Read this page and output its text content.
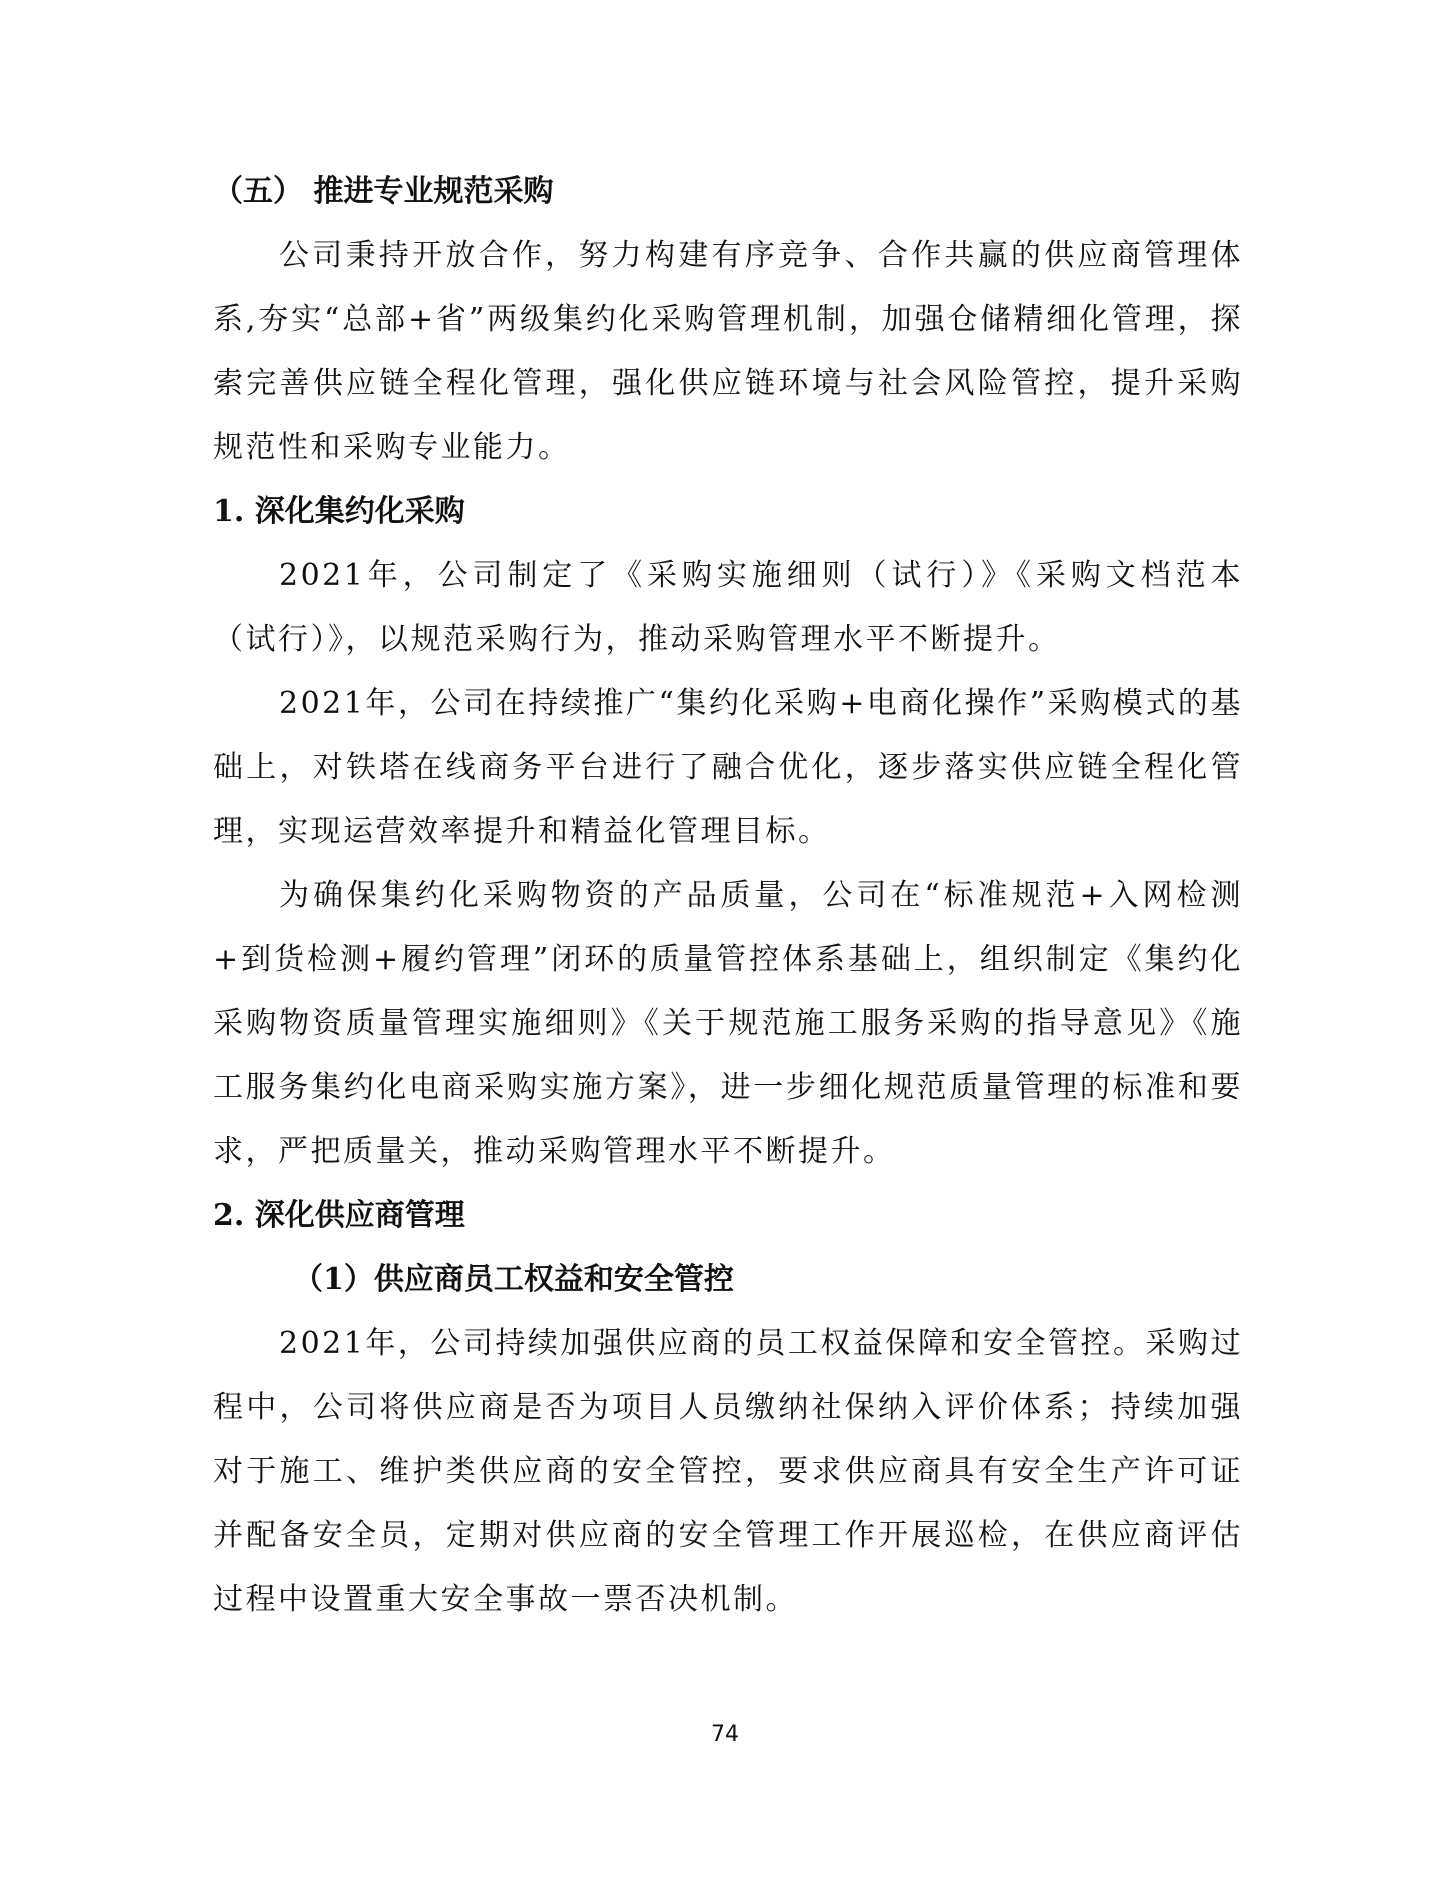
（五） 推进专业规范采购

公司秉持开放合作，努力构建有序竞争、合作共赢的供应商管理体系,夯实“总部+省”两级集约化采购管理机制，加强仓储精细化管理，探索完善供应链全程化管理，强化供应链环境与社会风险管控，提升采购规范性和采购专业能力。

1. 深化集约化采购

2021年，公司制定了《采购实施细则（试行）》《采购文档范本（试行）》，以规范采购行为，推动采购管理水平不断提升。

2021年，公司在持续推广“集约化采购+电商化操作”采购模式的基础上，对铁塔在线商务平台进行了融合优化，逐步落实供应链全程化管理，实现运营效率提升和精益化管理目标。

为确保集约化采购物资的产品质量，公司在“标准规范+入网检测+到货检测+履约管理”闭环的质量管控体系基础上，组织制定《集约化采购物资质量管理实施细则》《关于规范施工服务采购的指导意见》《施工服务集约化电商采购实施方案》，进一步细化规范质量管理的标准和要求，严把质量关，推动采购管理水平不断提升。

2. 深化供应商管理
（1）供应商员工权益和安全管控

2021年，公司持续加强供应商的员工权益保障和安全管控。采购过程中，公司将供应商是否为项目人员缴纳社保纳入评价体系；持续加强对于施工、维护类供应商的安全管控，要求供应商具有安全生产许可证并配备安全员，定期对供应商的安全管理工作开展巡检，在供应商评估过程中设置重大安全事故一票否决机制。

74
